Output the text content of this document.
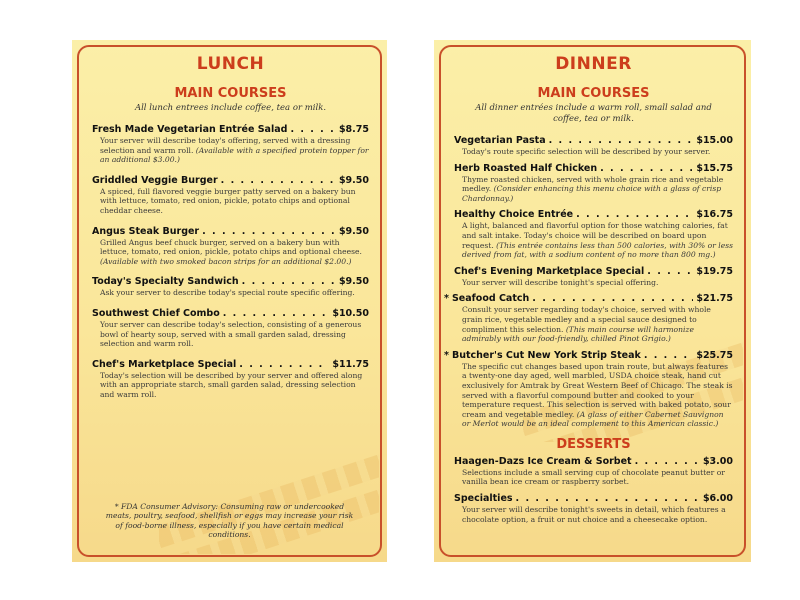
LUNCH
MAIN COURSES
All lunch entrees include coffee, tea or milk.
Fresh Made Vegetarian Entrée Salad . . .	$8.75
Your server will describe today's offering, served with a dressing selection and warm roll. (Available with a specified protein topper for an additional $3.00.)
Griddled Veggie Burger . . .	$9.50
A spiced, full flavored veggie burger patty served on a bakery bun with lettuce, tomato, red onion, pickle, potato chips and optional cheddar cheese.
Angus Steak Burger . . .	$9.50
Grilled Angus beef chuck burger, served on a bakery bun with lettuce, tomato, red onion, pickle, potato chips and optional cheese. (Available with two smoked bacon strips for an additional $2.00.)
Today's Specialty Sandwich . . .	$9.50
Ask your server to describe today's special route specific offering.
Southwest Chief Combo . . .	$10.50
Your server can describe today's selection, consisting of a generous bowl of hearty soup, served with a small garden salad, dressing selection and warm roll.
Chef's Marketplace Special . . .	$11.75
Today's selection will be described by your server and offered along with an appropriate starch, small garden salad, dressing selection and warm roll.
* FDA Consumer Advisory: Consuming raw or undercooked meats, poultry, seafood, shellfish or eggs may increase your risk of food-borne illness, especially if you have certain medical conditions.
DINNER
MAIN COURSES
All dinner entrées include a warm roll, small salad and coffee, tea or milk.
Vegetarian Pasta . . .	$15.00
Today's route specific selection will be described by your server.
Herb Roasted Half Chicken . . .	$15.75
Thyme roasted chicken, served with whole grain rice and vegetable medley. (Consider enhancing this menu choice with a glass of crisp Chardonnay.)
Healthy Choice Entrée . . .	$16.75
A light, balanced and flavorful option for those watching calories, fat and salt intake. Today's choice will be described on board upon request. (This entrée contains less than 500 calories, with 30% or less derived from fat, with a sodium content of no more than 800 mg.)
Chef's Evening Marketplace Special . . .	$19.75
Your server will describe tonight's special offering.
* Seafood Catch . . .	$21.75
Consult your server regarding today's choice, served with whole grain rice, vegetable medley and a special sauce designed to compliment this selection. (This main course will harmonize admirably with our food-friendly, chilled Pinot Grigio.)
* Butcher's Cut New York Strip Steak . . .	$25.75
The specific cut changes based upon train route, but always features a twenty-one day aged, well marbled, USDA choice steak, hand cut exclusively for Amtrak by Great Western Beef of Chicago. The steak is served with a flavorful compound butter and cooked to your temperature request. This selection is served with baked potato, sour cream and vegetable medley. (A glass of either Cabernet Sauvignon or Merlot would be an ideal complement to this American classic.)
DESSERTS
Haagen-Dazs Ice Cream & Sorbet . . .	$3.00
Selections include a small serving cup of chocolate peanut butter or vanilla bean ice cream or raspberry sorbet.
Specialties . . .	$6.00
Your server will describe tonight's sweets in detail, which features a chocolate option, a fruit or nut choice and a cheesecake option.
